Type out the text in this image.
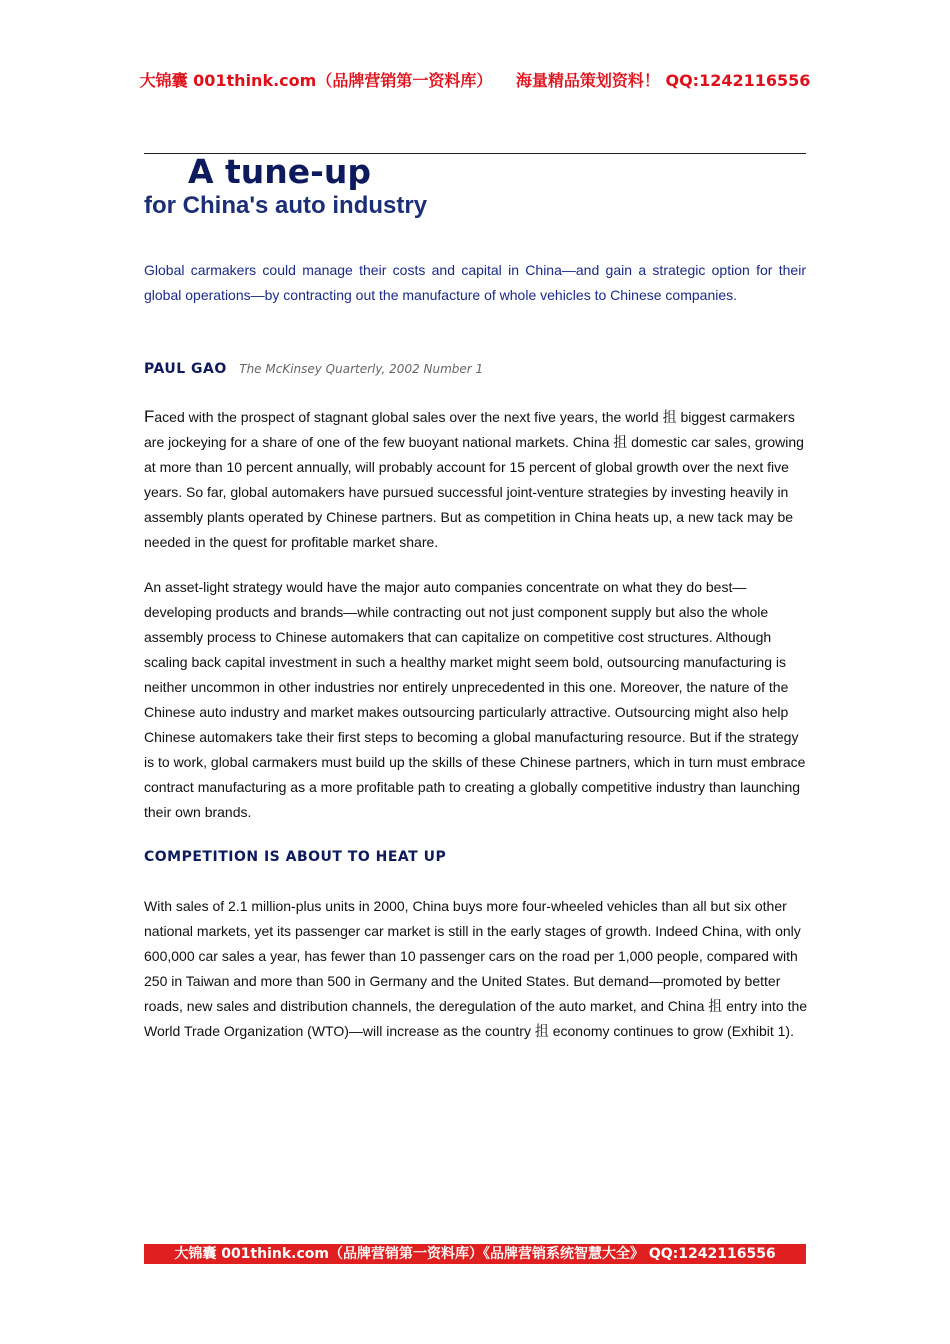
大锦囊 001think.com（品牌营销第一资料库） 海量精品策划资料！ QQ:1242116556
A tune-up
for China's auto industry

Global carmakers could manage their costs and capital in China—and gain a strategic option for their global operations—by contracting out the manufacture of whole vehicles to Chinese companies.

PAUL GAO The McKinsey Quarterly, 2002 Number 1

Faced with the prospect of stagnant global sales over the next five years, the world 抯 biggest carmakers are jockeying for a share of one of the few buoyant national markets. China 抯 domestic car sales, growing at more than 10 percent annually, will probably account for 15 percent of global growth over the next five years. So far, global automakers have pursued successful joint-venture strategies by investing heavily in assembly plants operated by Chinese partners. But as competition in China heats up, a new tack may be needed in the quest for profitable market share.

An asset-light strategy would have the major auto companies concentrate on what they do best—developing products and brands—while contracting out not just component supply but also the whole assembly process to Chinese automakers that can capitalize on competitive cost structures. Although scaling back capital investment in such a healthy market might seem bold, outsourcing manufacturing is neither uncommon in other industries nor entirely unprecedented in this one. Moreover, the nature of the Chinese auto industry and market makes outsourcing particularly attractive. Outsourcing might also help Chinese automakers take their first steps to becoming a global manufacturing resource. But if the strategy is to work, global carmakers must build up the skills of these Chinese partners, which in turn must embrace contract manufacturing as a more profitable path to creating a globally competitive industry than launching their own brands.

COMPETITION IS ABOUT TO HEAT UP

With sales of 2.1 million-plus units in 2000, China buys more four-wheeled vehicles than all but six other national markets, yet its passenger car market is still in the early stages of growth. Indeed China, with only 600,000 car sales a year, has fewer than 10 passenger cars on the road per 1,000 people, compared with 250 in Taiwan and more than 500 in Germany and the United States. But demand—promoted by better roads, new sales and distribution channels, the deregulation of the auto market, and China 抯 entry into the World Trade Organization (WTO)—will increase as the country 抯 economy continues to grow (Exhibit 1).

大锦囊 001think.com（品牌营销第一资料库）《品牌营销系统智慧大全》 QQ:1242116556
